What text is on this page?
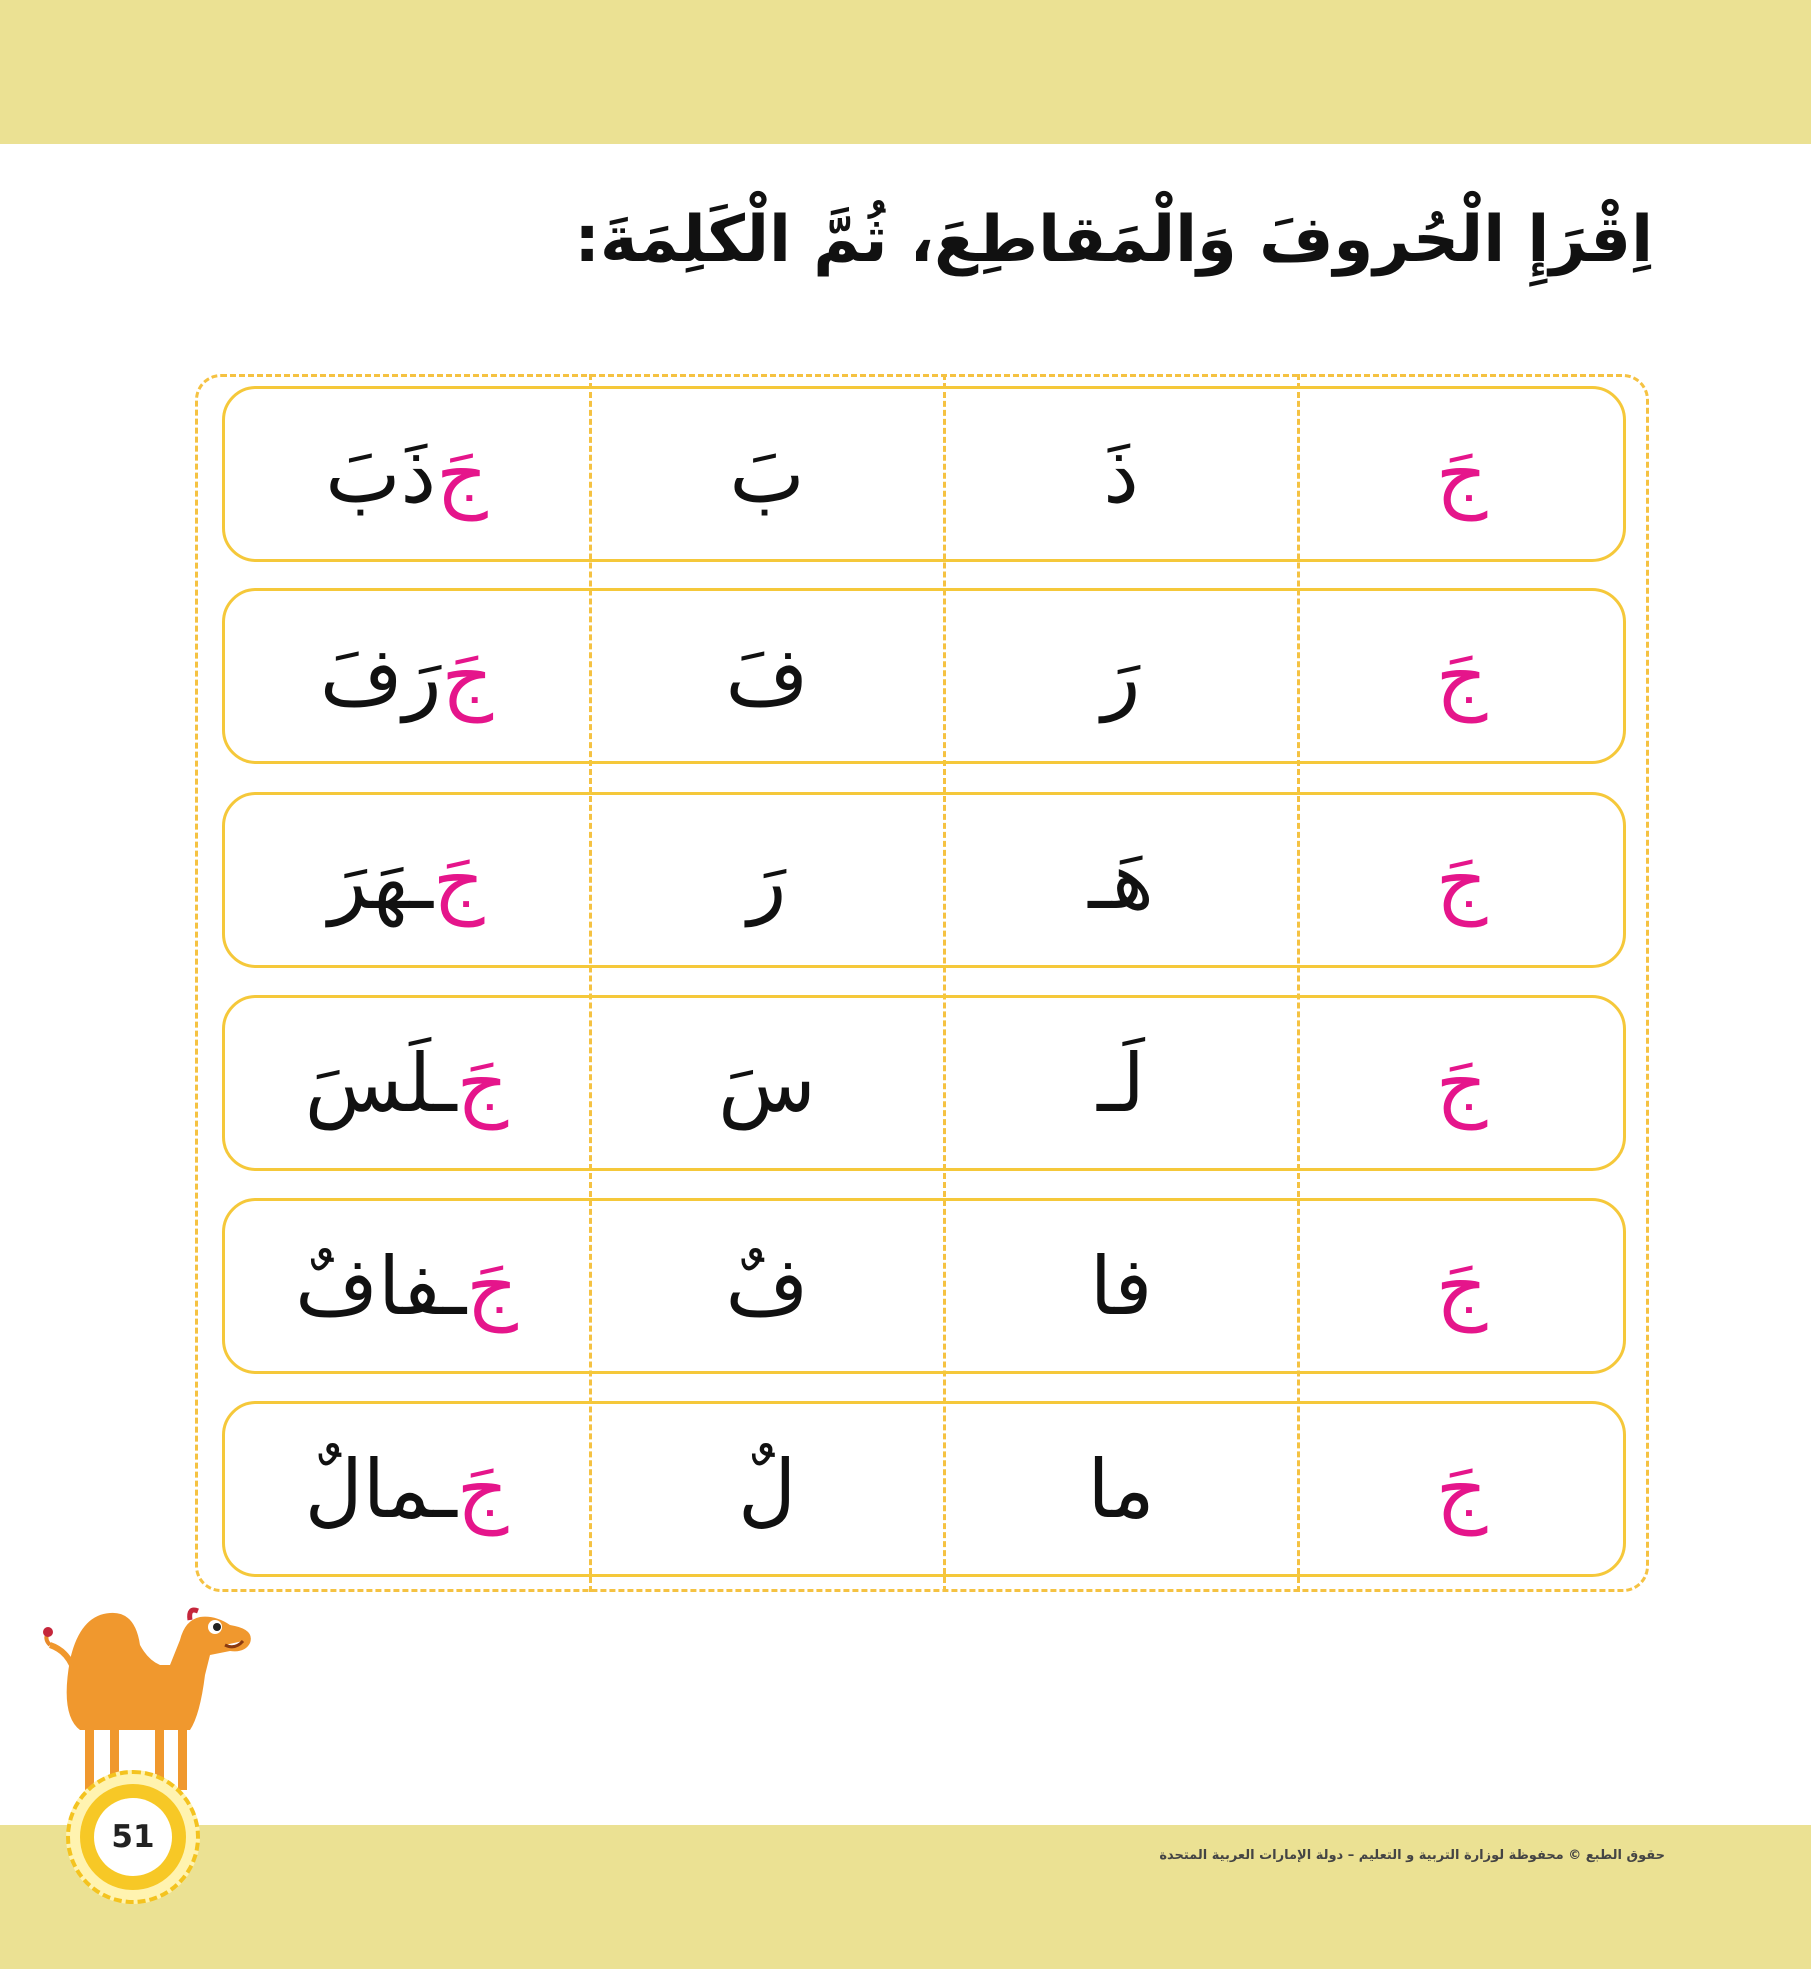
اِقْرَإِ الْحُروفَ وَالْمَقاطِعَ، ثُمَّ الْكَلِمَةَ:
جَ
ذَ
بَ
جَ
ذَبَ
جَ
رَ
فَ
جَ
رَفَ
جَ
هَـ
رَ
جَ
ـهَرَ
جَ
لَـ
سَ
جَ
ـلَسَ
جَ
فا
فٌ
جَ
ـفافٌ
جَ
ما
لٌ
جَ
ـمالٌ
51
حقوق الطبع © محفوظة لوزارة التربية و التعليم – دولة الإمارات العربية المتحدة
